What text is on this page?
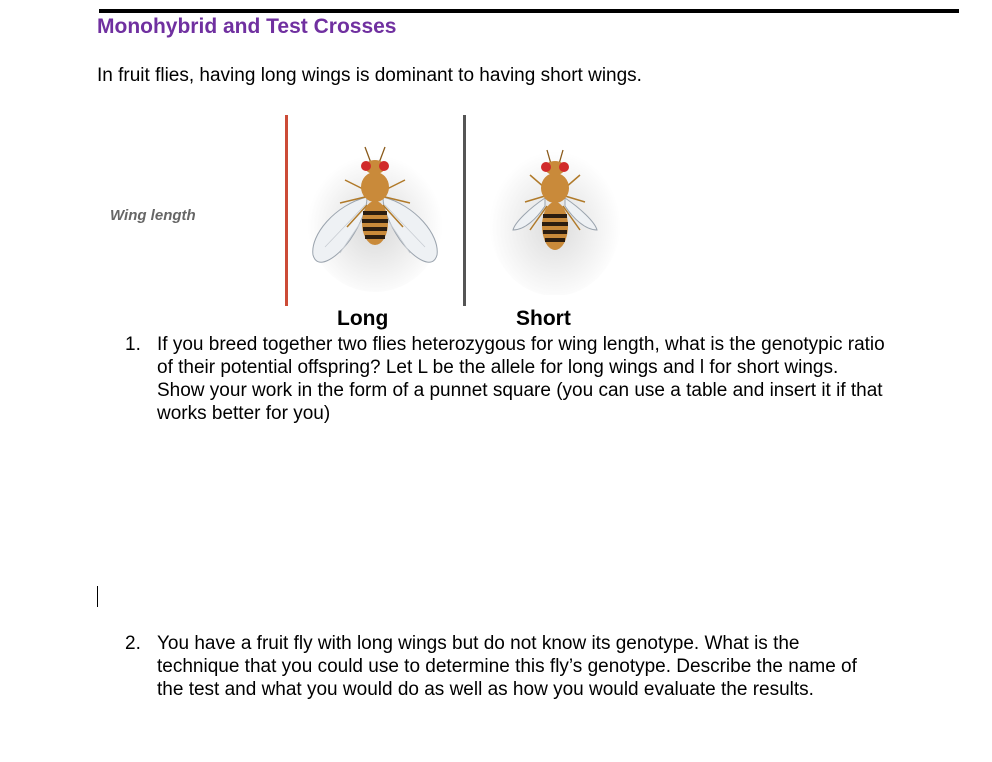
Monohybrid and Test Crosses

In fruit flies, having long wings is dominant to having short wings.

Wing length
Long	Short
1. If you breed together two flies heterozygous for wing length, what is the genotypic ratio of their potential offspring? Let L be the allele for long wings and l for short wings. Show your work in the form of a punnet square (you can use a table and insert it if that works better for you)
2. You have a fruit fly with long wings but do not know its genotype. What is the technique that you could use to determine this fly’s genotype. Describe the name of the test and what you would do as well as how you would evaluate the results.
